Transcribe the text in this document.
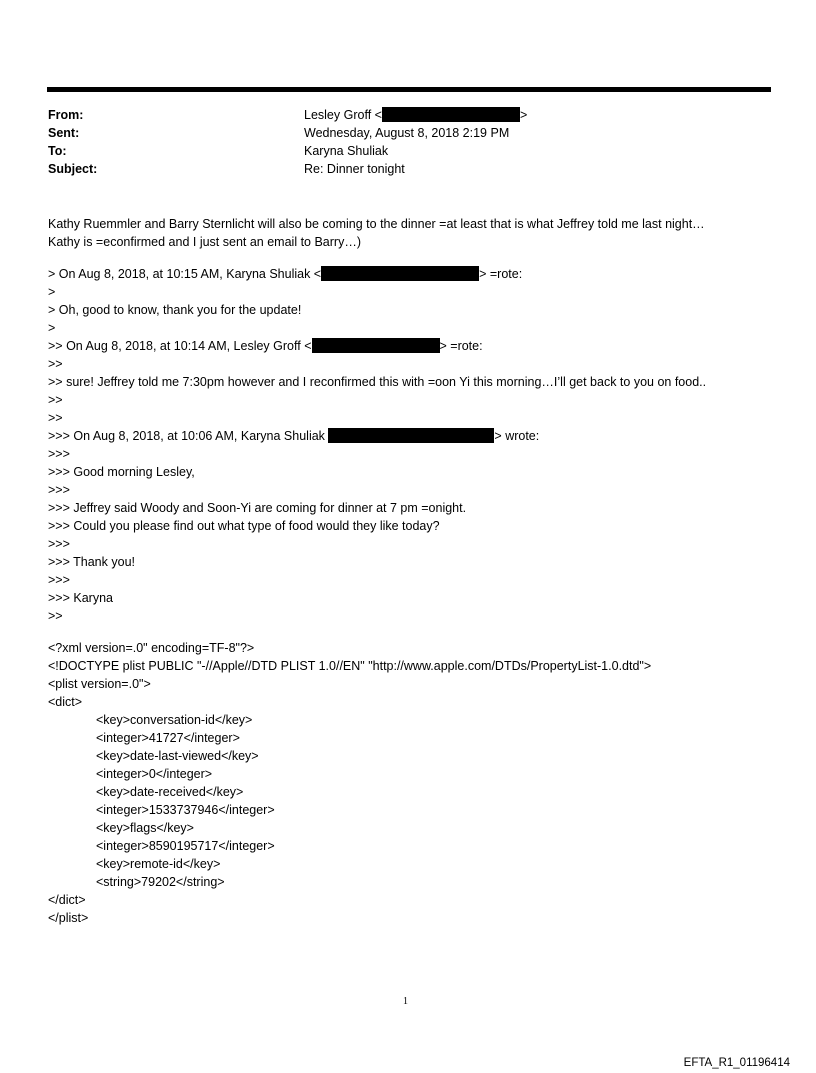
From:	Lesley Groff <	>
Sent:	Wednesday, August 8, 2018 2:19 PM
To:	Karyna Shuliak
Subject:	Re: Dinner tonight
Kathy Ruemmler and Barry Sternlicht will also be coming to the dinner =at least that is what Jeffrey told me last night…Kathy is =econfirmed and I just sent an email to Barry…)
> On Aug 8, 2018, at 10:15 AM, Karyna Shuliak <	> =rote:
>
> Oh, good to know, thank you for the update!
>
>> On Aug 8, 2018, at 10:14 AM, Lesley Groff <	> =rote:
>>
>> sure! Jeffrey told me 7:30pm however and I reconfirmed this with =oon Yi this morning…I’ll get back to you on food..
>>
>>
>>> On Aug 8, 2018, at 10:06 AM, Karyna Shuliak	> wrote:
>>>
>>> Good morning Lesley,
>>>
>>> Jeffrey said Woody and Soon-Yi are coming for dinner at 7 pm =onight.
>>> Could you please find out what type of food would they like today?
>>>
>>> Thank you!
>>>
>>> Karyna
>>
<?xml version=.0" encoding=TF-8"?>
<!DOCTYPE plist PUBLIC "-//Apple//DTD PLIST 1.0//EN" "http://www.apple.com/DTDs/PropertyList-1.0.dtd">
<plist version=.0">
<dict>
<key>conversation-id</key>
<integer>41727</integer>
<key>date-last-viewed</key>
<integer>0</integer>
<key>date-received</key>
<integer>1533737946</integer>
<key>flags</key>
<integer>8590195717</integer>
<key>remote-id</key>
<string>79202</string>
</dict>
</plist>
1
EFTA_R1_01196414
